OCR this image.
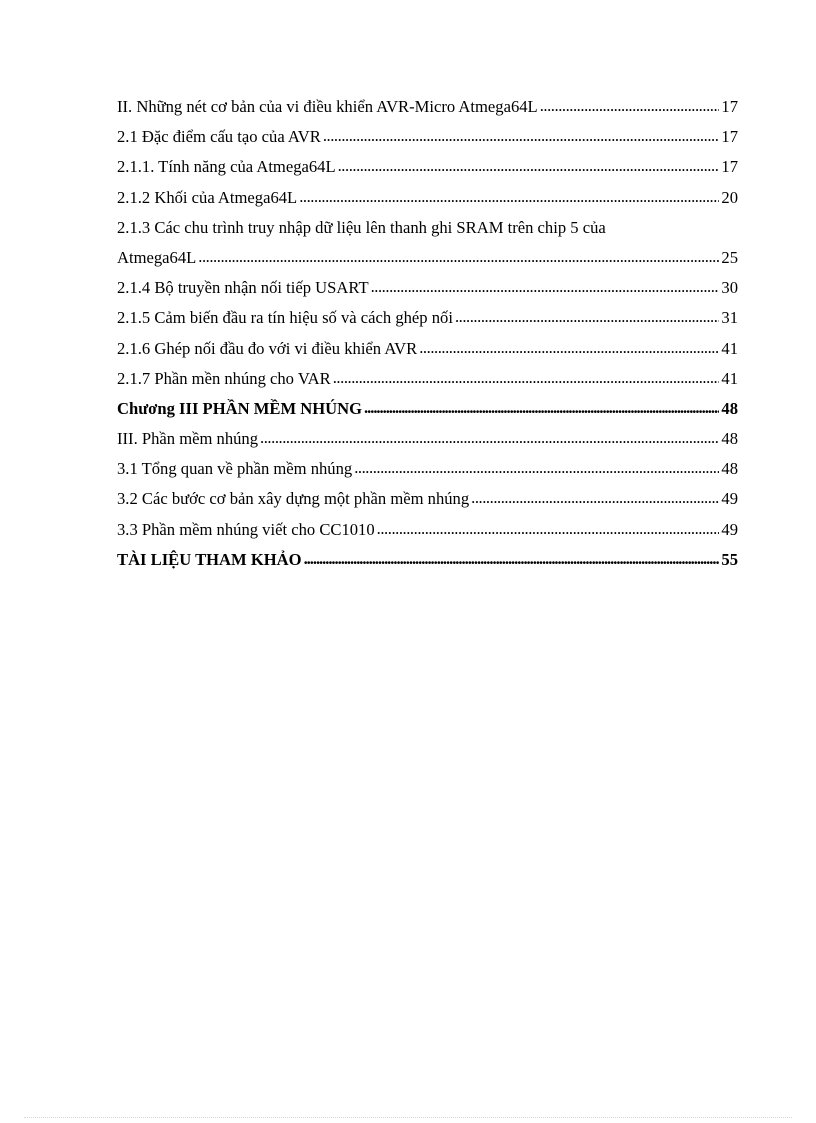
II. Những nét cơ bản của vi điều khiển AVR-Micro Atmega64L . . .	17
2.1 Đặc điểm cấu tạo của AVR . . .	17
2.1.1. Tính năng của Atmega64L . . .	17
2.1.2 Khối của Atmega64L . . .	20
2.1.3 Các chu trình truy nhập dữ liệu lên thanh ghi SRAM trên chip 5 của
Atmega64L . . .	25
2.1.4 Bộ truyền nhận nối tiếp USART . . .	30
2.1.5 Cảm biến đầu ra tín hiệu số và cách ghép nối . . .	31
2.1.6 Ghép nối đầu đo với vi điều khiển AVR . . .	41
2.1.7 Phần mền nhúng cho VAR . . .	41
Chương III PHẦN MỀM NHÚNG . . .	48
III. Phần mềm nhúng . . .	48
3.1 Tổng quan về phần mềm nhúng . . .	48
3.2 Các bước cơ bản xây dựng một phần mềm nhúng . . .	49
3.3 Phần mềm nhúng viết cho CC1010 . . .	49
TÀI LIỆU THAM KHẢO . . .	55
